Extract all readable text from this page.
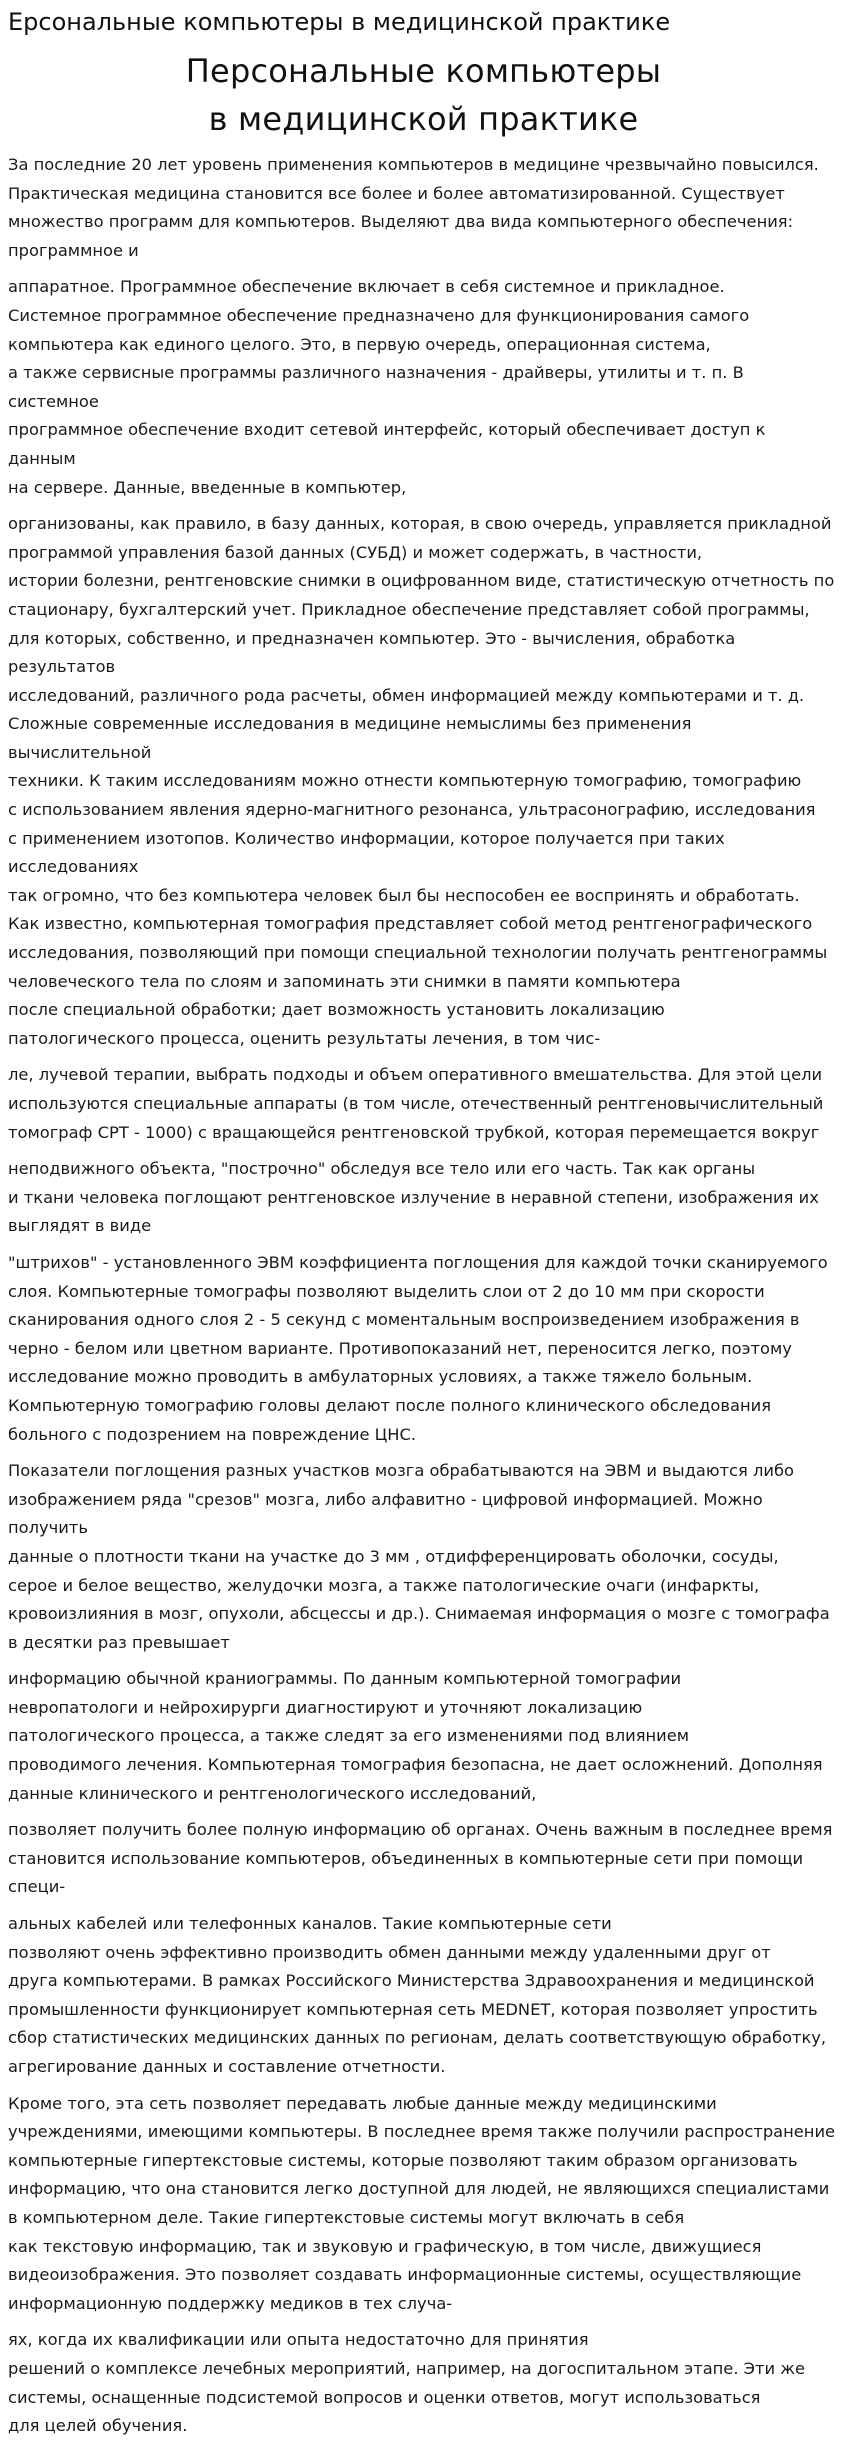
Ерсональные компьютеры в медицинской практике
Персональные компьютеры
в медицинской практике

За последние 20 лет уровень применения компьютеров в медицине чрезвычайно повысился.
Практическая медицина становится все более и более автоматизированной. Существует
множество программ для компьютеров. Выделяют два вида компьютерного обеспечения:
программное и

аппаратное. Программное обеспечение включает в себя системное и прикладное.
Системное программное обеспечение предназначено для функционирования самого
компьютера как единого целого. Это, в первую очередь, операционная система,
а также сервисные программы различного назначения - драйверы, утилиты и т. п. В системное
программное обеспечение входит сетевой интерфейс, который обеспечивает доступ к данным
на сервере. Данные, введенные в компьютер,

организованы, как правило, в базу данных, которая, в свою очередь, управляется прикладной
программой управления базой данных (СУБД) и может содержать, в частности,
истории болезни, рентгеновские снимки в оцифрованном виде, статистическую отчетность по
стационару, бухгалтерский учет. Прикладное обеспечение представляет собой программы,
для которых, собственно, и предназначен компьютер. Это - вычисления, обработка результатов
исследований, различного рода расчеты, обмен информацией между компьютерами и т. д.
Сложные современные исследования в медицине немыслимы без применения вычислительной
техники. К таким исследованиям можно отнести компьютерную томографию, томографию
с использованием явления ядерно-магнитного резонанса, ультрасонографию, исследования
с применением изотопов. Количество информации, которое получается при таких исследованиях
так огромно, что без компьютера человек был бы неспособен ее воспринять и обработать.
Как известно, компьютерная томография представляет собой метод рентгенографического
исследования, позволяющий при помощи специальной технологии получать рентгенограммы
человеческого тела по слоям и запоминать эти снимки в памяти компьютера
после специальной обработки; дает возможность установить локализацию
патологического процесса, оценить результаты лечения, в том чис-

ле, лучевой терапии, выбрать подходы и объем оперативного вмешательства. Для этой цели
используются специальные аппараты (в том числе, отечественный рентгеновычислительный
томограф СРТ - 1000) с вращающейся рентгеновской трубкой, которая перемещается вокруг

неподвижного объекта, "построчно" обследуя все тело или его часть. Так как органы
и ткани человека поглощают рентгеновское излучение в неравной степени, изображения их
выглядят в виде

"штрихов" - установленного ЭВМ коэффициента поглощения для каждой точки сканируемого
слоя. Компьютерные томографы позволяют выделить слои от 2 до 10 мм при скорости
сканирования одного слоя 2 - 5 секунд с моментальным воспроизведением изображения в
черно - белом или цветном варианте. Противопоказаний нет, переносится легко, поэтому
исследование можно проводить в амбулаторных условиях, а также тяжело больным.
Компьютерную томографию головы делают после полного клинического обследования
больного с подозрением на повреждение ЦНС.

Показатели поглощения разных участков мозга обрабатываются на ЭВМ и выдаются либо
изображением ряда "срезов" мозга, либо алфавитно - цифровой информацией. Можно получить
данные о плотности ткани на участке до 3 мм , отдифференцировать оболочки, сосуды,
серое и белое вещество, желудочки мозга, а также патологические очаги (инфаркты,
кровоизлияния в мозг, опухоли, абсцессы и др.). Снимаемая информация о мозге с томографа
в десятки раз превышает

информацию обычной краниограммы. По данным компьютерной томографии
невропатологи и нейрохирурги диагностируют и уточняют локализацию
патологического процесса, а также следят за его изменениями под влиянием
проводимого лечения. Компьютерная томография безопасна, не дает осложнений. Дополняя
данные клинического и рентгенологического исследований,

позволяет получить более полную информацию об органах. Очень важным в последнее время
становится использование компьютеров, объединенных в компьютерные сети при помощи
специ-

альных кабелей или телефонных каналов. Такие компьютерные сети
позволяют очень эффективно производить обмен данными между удаленными друг от
друга компьютерами. В рамках Российского Министерства Здравоохранения и медицинской
промышленности функционирует компьютерная сеть MEDNET, которая позволяет упростить
сбор статистических медицинских данных по регионам, делать соответствующую обработку,
агрегирование данных и составление отчетности.

Кроме того, эта сеть позволяет передавать любые данные между медицинскими
учреждениями, имеющими компьютеры. В последнее время также получили распространение
компьютерные гипертекстовые системы, которые позволяют таким образом организовать
информацию, что она становится легко доступной для людей, не являющихся специалистами
в компьютерном деле. Такие гипертекстовые системы могут включать в себя
как текстовую информацию, так и звуковую и графическую, в том числе, движущиеся
видеоизображения. Это позволяет создавать информационные системы, осуществляющие
информационную поддержку медиков в тех случа-

ях, когда их квалификации или опыта недостаточно для принятия
решений о комплексе лечебных мероприятий, например, на догоспитальном этапе. Эти же
системы, оснащенные подсистемой вопросов и оценки ответов, могут использоваться
для целей обучения.
